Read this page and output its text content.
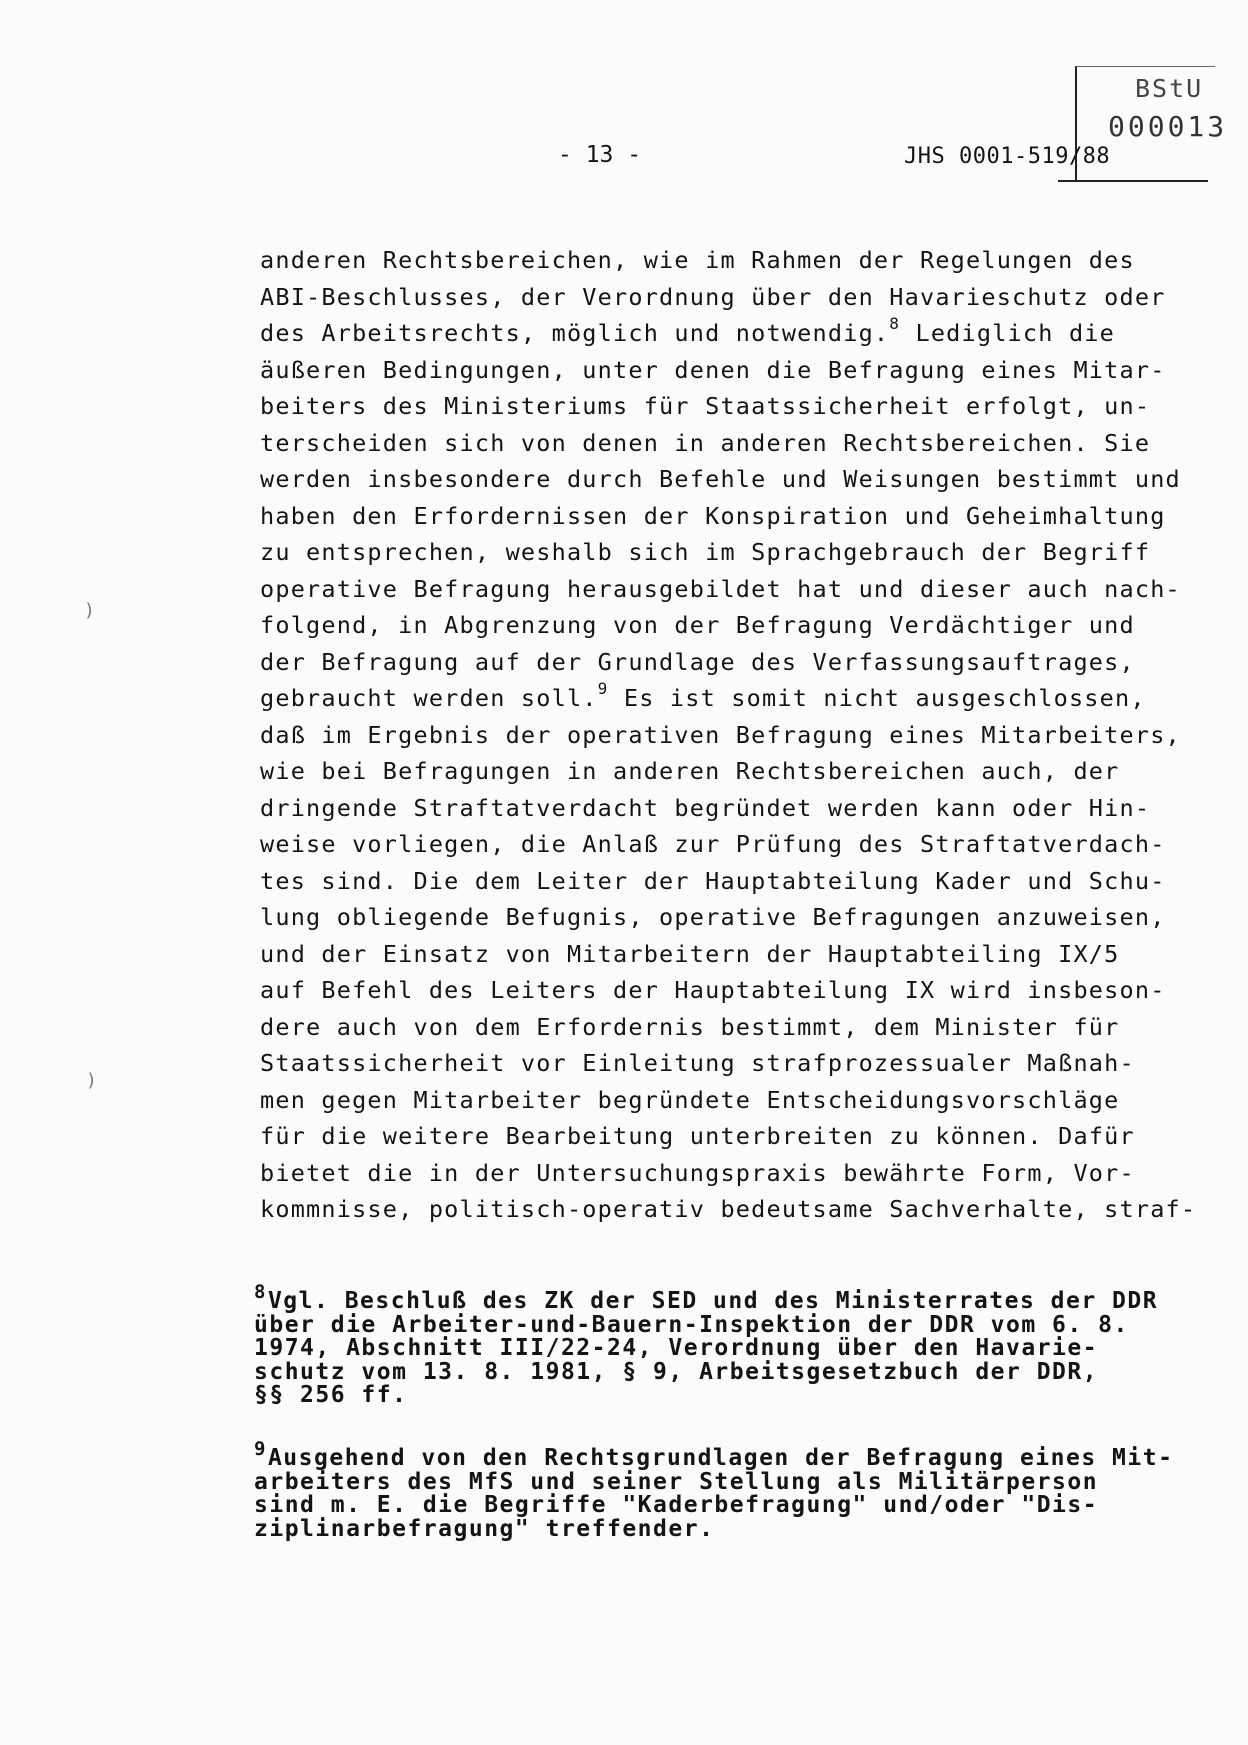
BStU
000013
- 13 -	JHS 0001-519/88
anderen Rechtsbereichen, wie im Rahmen der Regelungen des
ABI-Beschlusses, der Verordnung über den Havarieschutz oder
des Arbeitsrechts, möglich und notwendig.$^8$ Lediglich die
äußeren Bedingungen, unter denen die Befragung eines Mitar-
beiters des Ministeriums für Staatssicherheit erfolgt, un-
terscheiden sich von denen in anderen Rechtsbereichen. Sie
werden insbesondere durch Befehle und Weisungen bestimmt und
haben den Erfordernissen der Konspiration und Geheimhaltung
zu entsprechen, weshalb sich im Sprachgebrauch der Begriff
operative Befragung herausgebildet hat und dieser auch nach-
folgend, in Abgrenzung von der Befragung Verdächtiger und
der Befragung auf der Grundlage des Verfassungsauftrages,
gebraucht werden soll.$^9$ Es ist somit nicht ausgeschlossen,
daß im Ergebnis der operativen Befragung eines Mitarbeiters,
wie bei Befragungen in anderen Rechtsbereichen auch, der
dringende Straftatverdacht begründet werden kann oder Hin-
weise vorliegen, die Anlaß zur Prüfung des Straftatverdach-
tes sind. Die dem Leiter der Hauptabteilung Kader und Schu-
lung obliegende Befugnis, operative Befragungen anzuweisen,
und der Einsatz von Mitarbeitern der Hauptabteiling IX/5
auf Befehl des Leiters der Hauptabteilung IX wird insbeson-
dere auch von dem Erfordernis bestimmt, dem Minister für
Staatssicherheit vor Einleitung strafprozessualer Maßnah-
men gegen Mitarbeiter begründete Entscheidungsvorschläge
für die weitere Bearbeitung unterbreiten zu können. Dafür
bietet die in der Untersuchungspraxis bewährte Form, Vor-
kommnisse, politisch-operativ bedeutsame Sachverhalte, straf-
$^8$Vgl. Beschluß des ZK der SED und des Ministerrates der DDR
über die Arbeiter-und-Bauern-Inspektion der DDR vom 6. 8.
1974, Abschnitt III/22-24, Verordnung über den Havarie-
schutz vom 13. 8. 1981, § 9, Arbeitsgesetzbuch der DDR,
§§ 256 ff.
$^9$Ausgehend von den Rechtsgrundlagen der Befragung eines Mit-
arbeiters des MfS und seiner Stellung als Militärperson
sind m. E. die Begriffe "Kaderbefragung" und/oder "Dis-
ziplinarbefragung" treffender.
)
)
